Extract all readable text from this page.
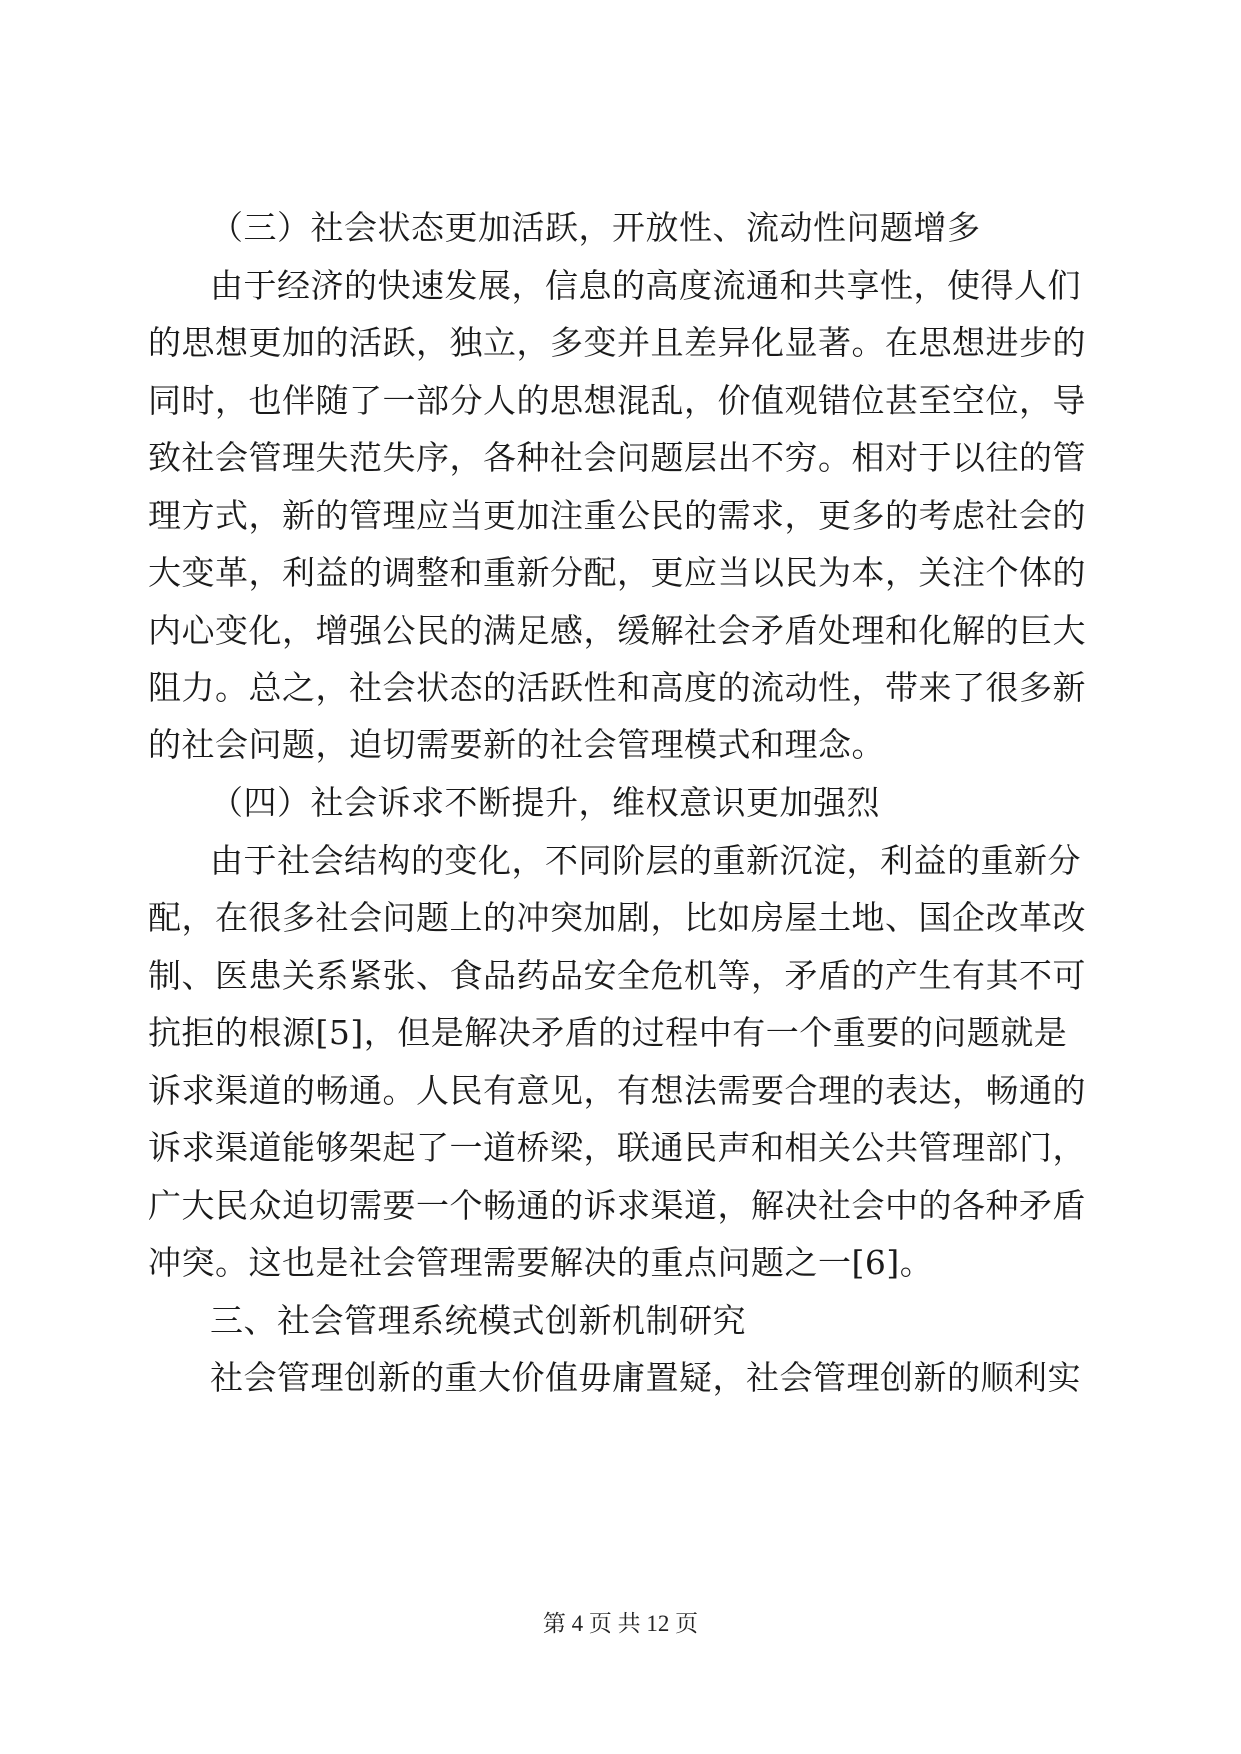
（三）社会状态更加活跃，开放性、流动性问题增多

由于经济的快速发展，信息的高度流通和共享性，使得人们

的思想更加的活跃，独立，多变并且差异化显著。在思想进步的

同时，也伴随了一部分人的思想混乱，价值观错位甚至空位，导

致社会管理失范失序，各种社会问题层出不穷。相对于以往的管

理方式，新的管理应当更加注重公民的需求，更多的考虑社会的

大变革，利益的调整和重新分配，更应当以民为本，关注个体的

内心变化，增强公民的满足感，缓解社会矛盾处理和化解的巨大

阻力。总之，社会状态的活跃性和高度的流动性，带来了很多新

的社会问题，迫切需要新的社会管理模式和理念。

（四）社会诉求不断提升，维权意识更加强烈

由于社会结构的变化，不同阶层的重新沉淀，利益的重新分

配，在很多社会问题上的冲突加剧，比如房屋土地、国企改革改

制、医患关系紧张、食品药品安全危机等，矛盾的产生有其不可

抗拒的根源[5]，但是解决矛盾的过程中有一个重要的问题就是

诉求渠道的畅通。人民有意见，有想法需要合理的表达，畅通的

诉求渠道能够架起了一道桥梁，联通民声和相关公共管理部门，

广大民众迫切需要一个畅通的诉求渠道，解决社会中的各种矛盾

冲突。这也是社会管理需要解决的重点问题之一[6]。

三、社会管理系统模式创新机制研究

社会管理创新的重大价值毋庸置疑，社会管理创新的顺利实

第 4 页 共 12 页
